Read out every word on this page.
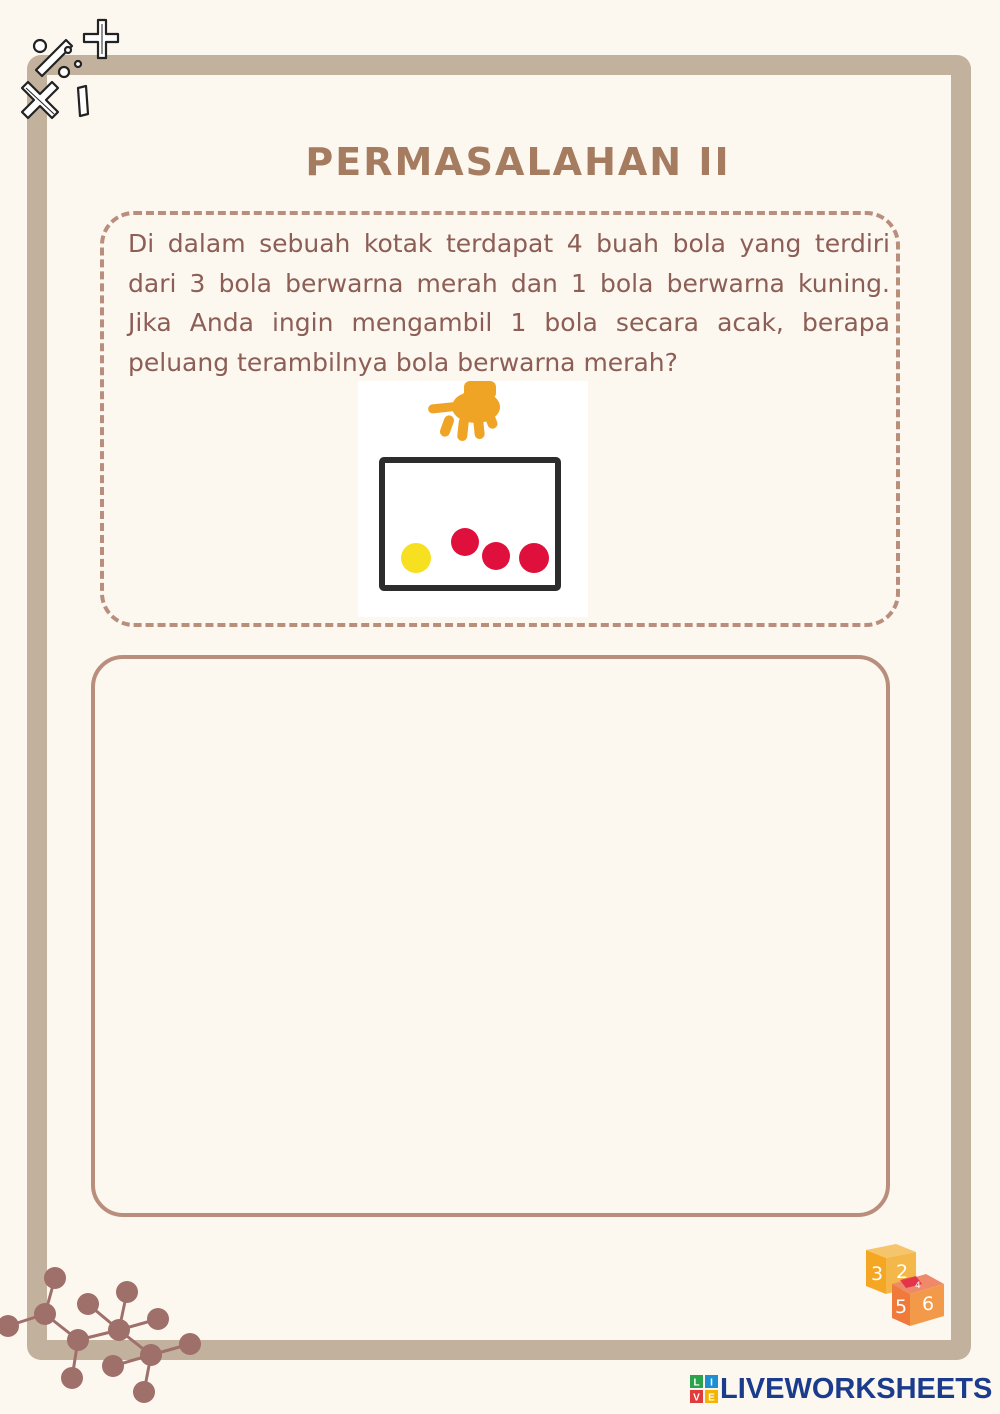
PERMASALAHAN II
Di dalam sebuah kotak terdapat 4 buah bola yang terdiri dari 3 bola berwarna merah dan 1 bola berwarna kuning. Jika Anda ingin mengambil 1 bola secara acak, berapa peluang terambilnya bola berwarna merah?
3 2
5 6
4
L I
V E LIVEWORKSHEETS
